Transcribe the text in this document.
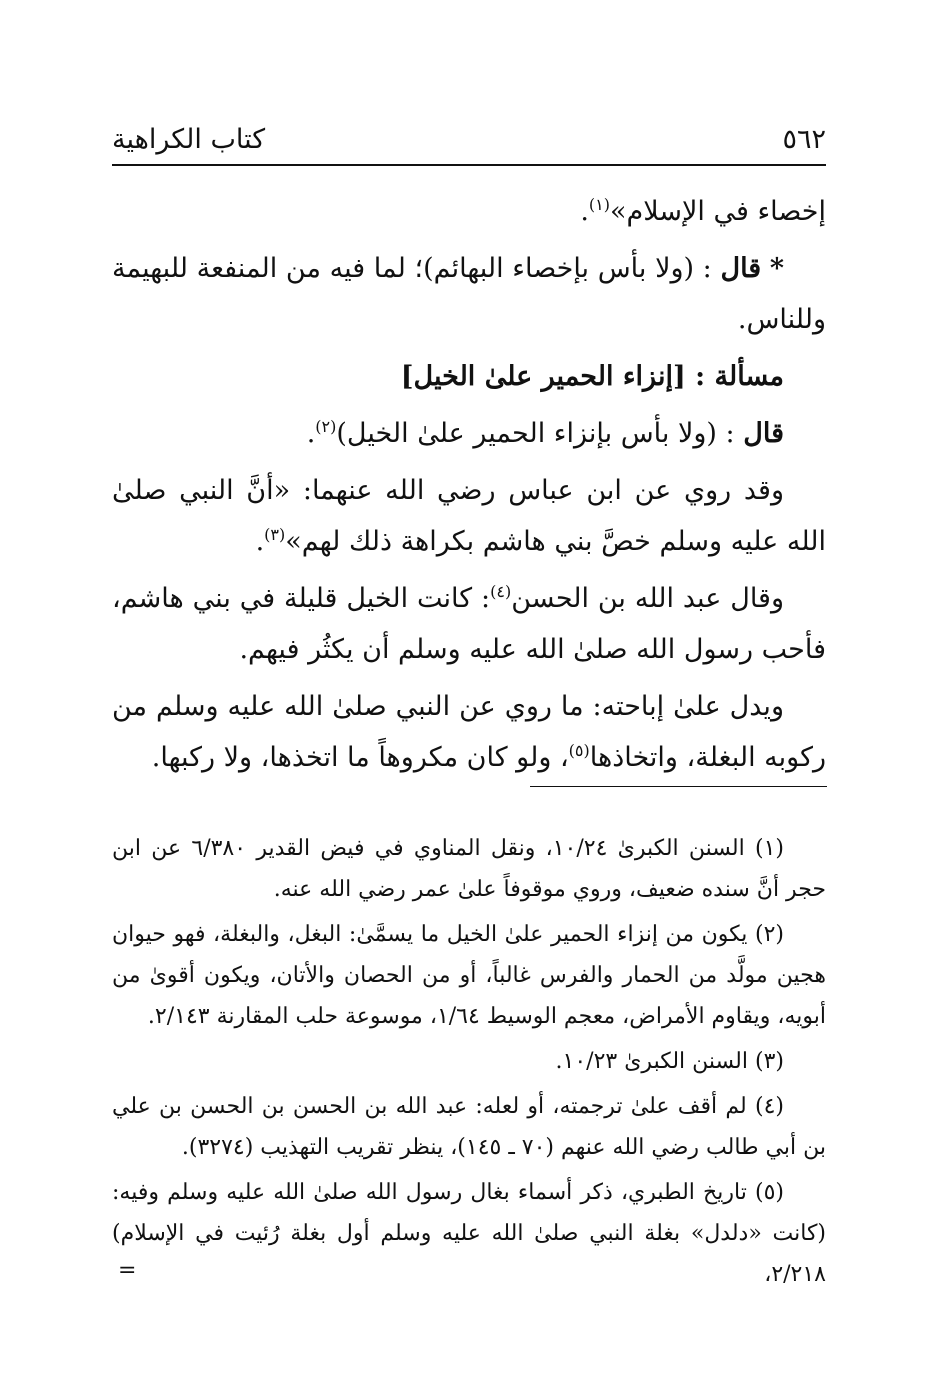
٥٦٢
كتاب الكراهية

إخصاء في الإسلام»$^{(١)}$.

* قال : (ولا بأس بإخصاء البهائم)؛ لما فيه من المنفعة للبهيمة وللناس.

مسألة : [إنزاء الحمير علىٰ الخيل]

قال : (ولا بأس بإنزاء الحمير علىٰ الخيل)$^{(٢)}$.

وقد روي عن ابن عباس رضي الله عنهما: «أنَّ النبي صلىٰ الله عليه وسلم خصَّ بني هاشم بكراهة ذلك لهم»$^{(٣)}$.

وقال عبد الله بن الحسن$^{(٤)}$: كانت الخيل قليلة في بني هاشم، فأحب رسول الله صلىٰ الله عليه وسلم أن يكثُر فيهم.

ويدل علىٰ إباحته: ما روي عن النبي صلىٰ الله عليه وسلم من ركوبه البغلة، واتخاذها$^{(٥)}$، ولو كان مكروهاً ما اتخذها، ولا ركبها.

(١) السنن الكبرىٰ ١٠/٢٤، ونقل المناوي في فيض القدير ٦/٣٨٠ عن ابن حجر أنَّ سنده ضعيف، وروي موقوفاً علىٰ عمر رضي الله عنه.

(٢) يكون من إنزاء الحمير علىٰ الخيل ما يسمَّىٰ: البغل، والبغلة، فهو حيوان هجين مولَّد من الحمار والفرس غالباً، أو من الحصان والأتان، ويكون أقوىٰ من أبويه، ويقاوم الأمراض، معجم الوسيط ١/٦٤، موسوعة حلب المقارنة ٢/١٤٣.

(٣) السنن الكبرىٰ ١٠/٢٣.

(٤) لم أقف علىٰ ترجمته، أو لعله: عبد الله بن الحسن بن الحسن بن علي بن أبي طالب رضي الله عنهم (٧٠ ـ ١٤٥)، ينظر تقريب التهذيب (٣٢٧٤).

(٥) تاريخ الطبري، ذكر أسماء بغال رسول الله صلىٰ الله عليه وسلم وفيه: (كانت «دلدل» بغلة النبي صلىٰ الله عليه وسلم أول بغلة رُئيت في الإسلام) ٢/٢١٨،

=
